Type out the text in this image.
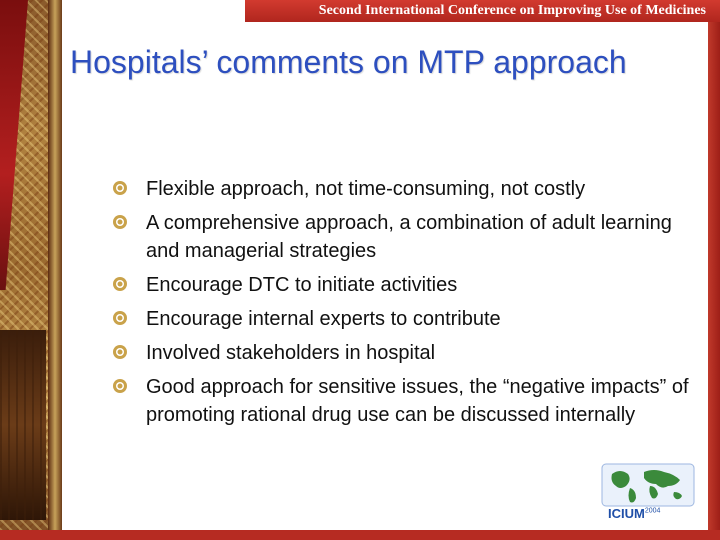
Second International Conference on Improving Use of Medicines
Hospitals’ comments on MTP approach
Flexible approach, not time-consuming, not costly
A comprehensive approach, a combination of adult learning and managerial strategies
Encourage DTC to initiate activities
Encourage internal experts to contribute
Involved stakeholders in hospital
Good approach for sensitive issues, the “negative impacts” of promoting rational drug use can be discussed internally
$ICIUM^{2004}$
